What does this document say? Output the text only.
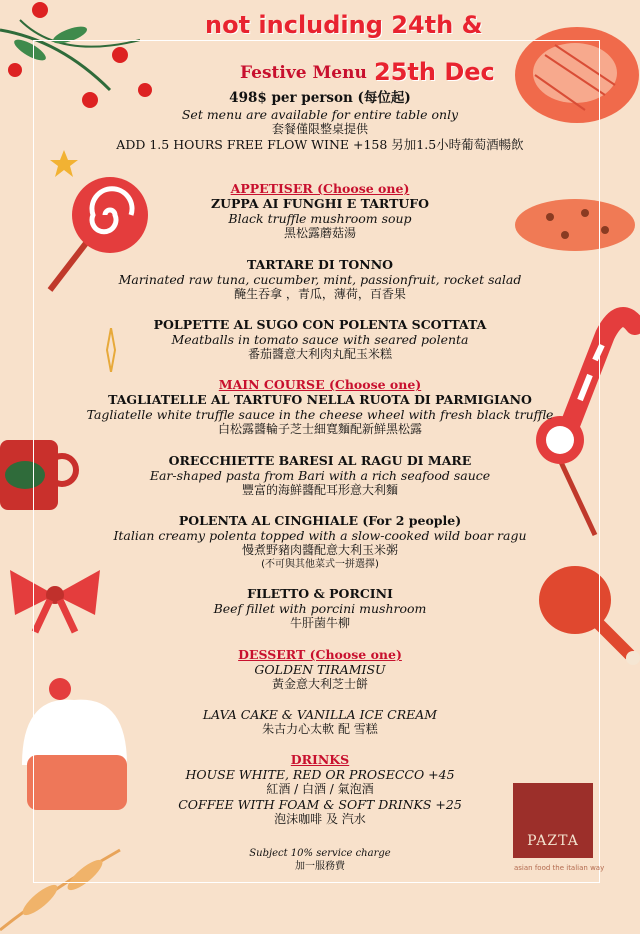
not including 24th &
Festive Menu 25th Dec
498$ per person (每位起)
Set menu are available for entire table only
套餐僅限整桌提供
ADD 1.5 HOURS FREE FLOW WINE +158 另加1.5小時葡萄酒暢飲
APPETISER (Choose one)
ZUPPA AI FUNGHI E TARTUFO
Black truffle mushroom soup
黑松露蘑菇湯
TARTARE DI TONNO
Marinated raw tuna, cucumber, mint, passionfruit, rocket salad
醃生吞拿 ，青瓜，薄荷，百香果
POLPETTE AL SUGO CON POLENTA SCOTTATA
Meatballs in tomato sauce with seared polenta
番茄醬意大利肉丸配玉米糕
MAIN COURSE (Choose one)
TAGLIATELLE AL TARTUFO NELLA RUOTA DI PARMIGIANO
Tagliatelle white truffle sauce in the cheese wheel with fresh black truffle
白松露醬輪子芝士細寬麵配新鮮黑松露
ORECCHIETTE BARESI AL RAGU DI MARE
Ear-shaped pasta from Bari with a rich seafood sauce
豐富的海鮮醬配耳形意大利麵
POLENTA AL CINGHIALE (For 2 people)
Italian creamy polenta topped with a slow-cooked wild boar ragu
慢煮野豬肉醬配意大利玉米粥
(不可與其他菜式一拼選擇)
FILETTO & PORCINI
Beef fillet with porcini mushroom
牛肝菌牛柳
DESSERT (Choose one)
GOLDEN TIRAMISU
黃金意大利芝士餅
LAVA CAKE & VANILLA ICE CREAM
朱古力心太軟 配 雪糕
DRINKS
HOUSE WHITE, RED OR PROSECCO +45
紅酒 / 白酒 / 氣泡酒
COFFEE WITH FOAM & SOFT DRINKS +25
泡沫咖啡 及 汽水
Subject 10% service charge
加一服務費
PAZTA
asian food the italian way
